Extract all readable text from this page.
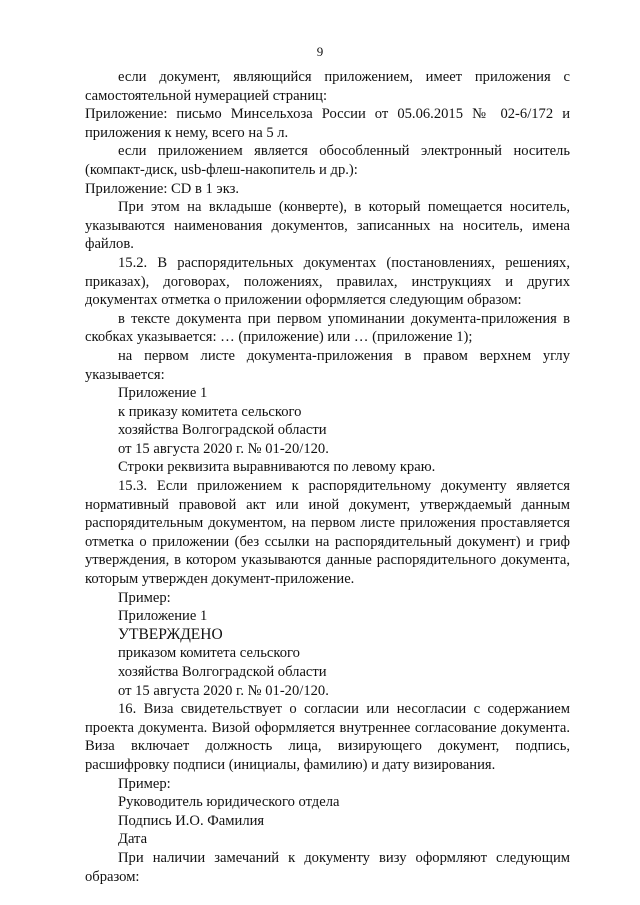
9

если документ, являющийся приложением, имеет приложения с самостоятельной нумерацией страниц:

Приложение: письмо Минсельхоза России от 05.06.2015 № 02-6/172 и приложения к нему, всего на 5 л.

если приложением является обособленный электронный носитель (компакт-диск, usb-флеш-накопитель и др.):

Приложение: CD в 1 экз.

При этом на вкладыше (конверте), в который помещается носитель, указываются наименования документов, записанных на носитель, имена файлов.

15.2. В распорядительных документах (постановлениях, решениях, приказах), договорах, положениях, правилах, инструкциях и других документах отметка о приложении оформляется следующим образом:

в тексте документа при первом упоминании документа-приложения в скобках указывается: … (приложение) или … (приложение 1);

на первом листе документа-приложения в правом верхнем углу указывается:

Приложение 1

к приказу комитета сельского

хозяйства Волгоградской области

от 15 августа 2020 г. № 01-20/120.

Строки реквизита выравниваются по левому краю.

15.3. Если приложением к распорядительному документу является нормативный правовой акт или иной документ, утверждаемый данным распорядительным документом, на первом листе приложения проставляется отметка о приложении (без ссылки на распорядительный документ) и гриф утверждения, в котором указываются данные распорядительного документа, которым утвержден документ-приложение.

Пример:

Приложение 1

УТВЕРЖДЕНО

приказом комитета сельского

хозяйства Волгоградской области

от 15 августа 2020 г. № 01-20/120.

16. Виза свидетельствует о согласии или несогласии с содержанием проекта документа. Визой оформляется внутреннее согласование документа. Виза включает должность лица, визирующего документ, подпись, расшифровку подписи (инициалы, фамилию) и дату визирования.

Пример:

Руководитель юридического отдела

Подпись И.О. Фамилия

Дата

При наличии замечаний к документу визу оформляют следующим образом:
